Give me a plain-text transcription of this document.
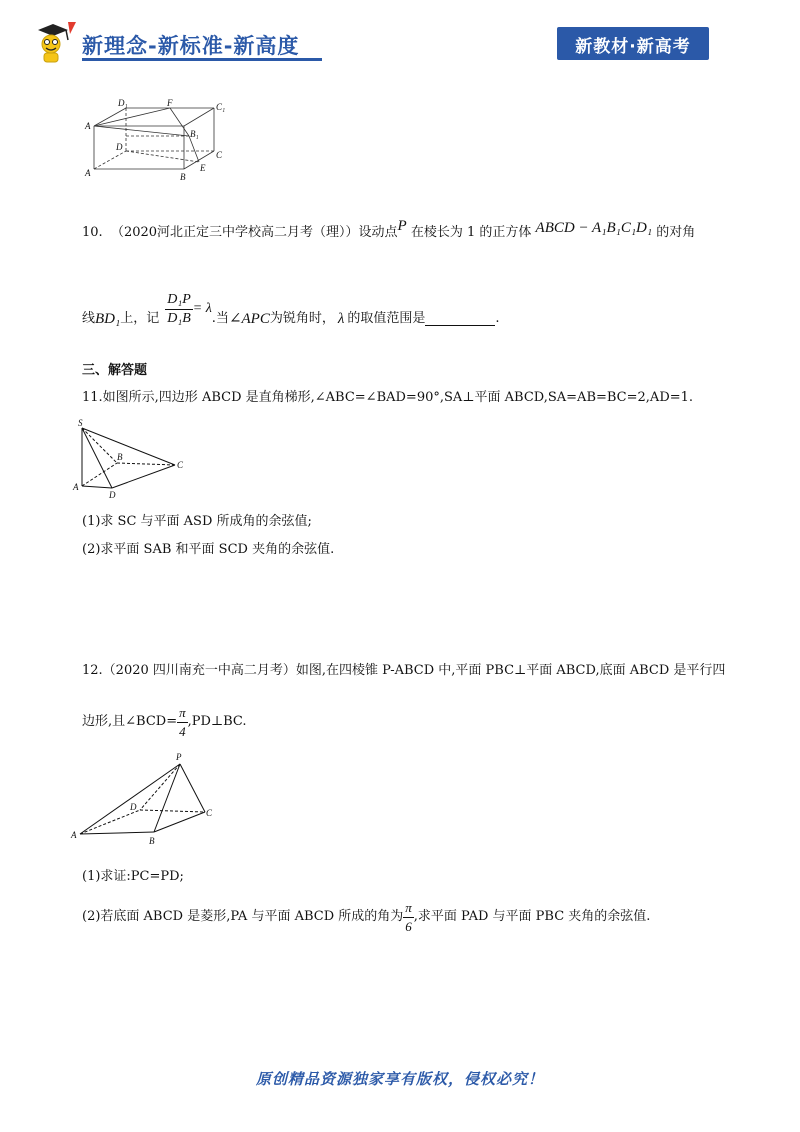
新理念-新标准-新高度	新教材·新高考
D₁	F	C₁
A
B₁
D
C
A	B
E
10. （2020河北正定三中学校高二月考（理））设动点P 在棱长为 1 的正方体 ABCD − A₁B₁C₁D₁ 的对角
线 BD₁ 上，记 $\frac{\text{D₁P}}{\text{D₁B}} = \lambda$
.当 ∠APC 为锐角时， λ 的取值范围是	.
三、解答题
11.如图所示,四边形 ABCD 是直角梯形,∠ABC=∠BAD=90°,SA⊥平面 ABCD,SA=AB=BC=2,AD=1.
S
B
C
A
D
(1)求 SC 与平面 ASD 所成角的余弦值;
(2)求平面 SAB 和平面 SCD 夹角的余弦值.
12.（2020 四川南充一中高二月考）如图,在四棱锥 P-ABCD 中,平面 PBC⊥平面 ABCD,底面 ABCD 是平行四
边形,且∠BCD= $\frac{\pi}{4}$ ,PD⊥BC.
P
D
C
A
B
(1)求证:PC=PD;
(2)若底面 ABCD 是菱形,PA 与平面 ABCD 所成的角为 $\frac{\pi}{6}$ ,求平面 PAD 与平面 PBC 夹角的余弦值.
原创精品资源独家享有版权，侵权必究！
